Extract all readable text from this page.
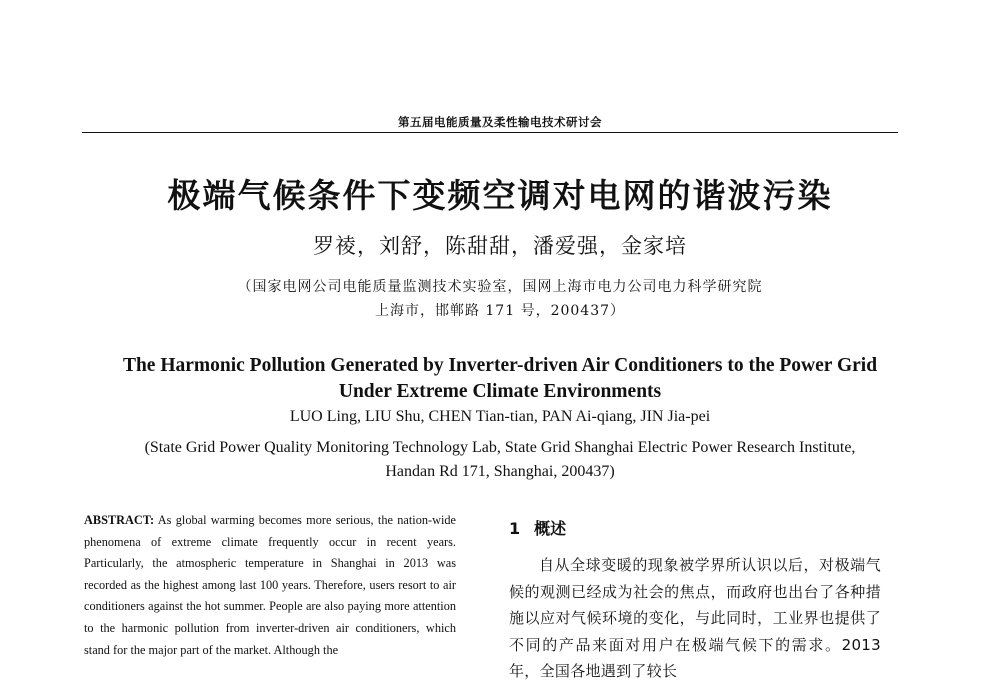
第五届电能质量及柔性输电技术研讨会
极端气候条件下变频空调对电网的谐波污染
罗祾，刘舒，陈甜甜，潘爱强，金家培
（国家电网公司电能质量监测技术实验室，国网上海市电力公司电力科学研究院
上海市，邯郸路 171 号，200437）
The Harmonic Pollution Generated by Inverter-driven Air Conditioners to the Power Grid
Under Extreme Climate Environments
LUO Ling, LIU Shu, CHEN Tian-tian, PAN Ai-qiang, JIN Jia-pei
(State Grid Power Quality Monitoring Technology Lab, State Grid Shanghai Electric Power Research Institute,
Handan Rd 171, Shanghai, 200437)
ABSTRACT: As global warming becomes more serious, the nation-wide phenomena of extreme climate frequently occur in recent years. Particularly, the atmospheric temperature in Shanghai in 2013 was recorded as the highest among last 100 years. Therefore, users resort to air conditioners against the hot summer. People are also paying more attention to the harmonic pollution from inverter-driven air conditioners, which stand for the major part of the market. Although the
1 概述
自从全球变暖的现象被学界所认识以后，对极端气候的观测已经成为社会的焦点，而政府也出台了各种措施以应对气候环境的变化，与此同时，工业界也提供了不同的产品来面对用户在极端气候下的需求。2013 年，全国各地遇到了较长
